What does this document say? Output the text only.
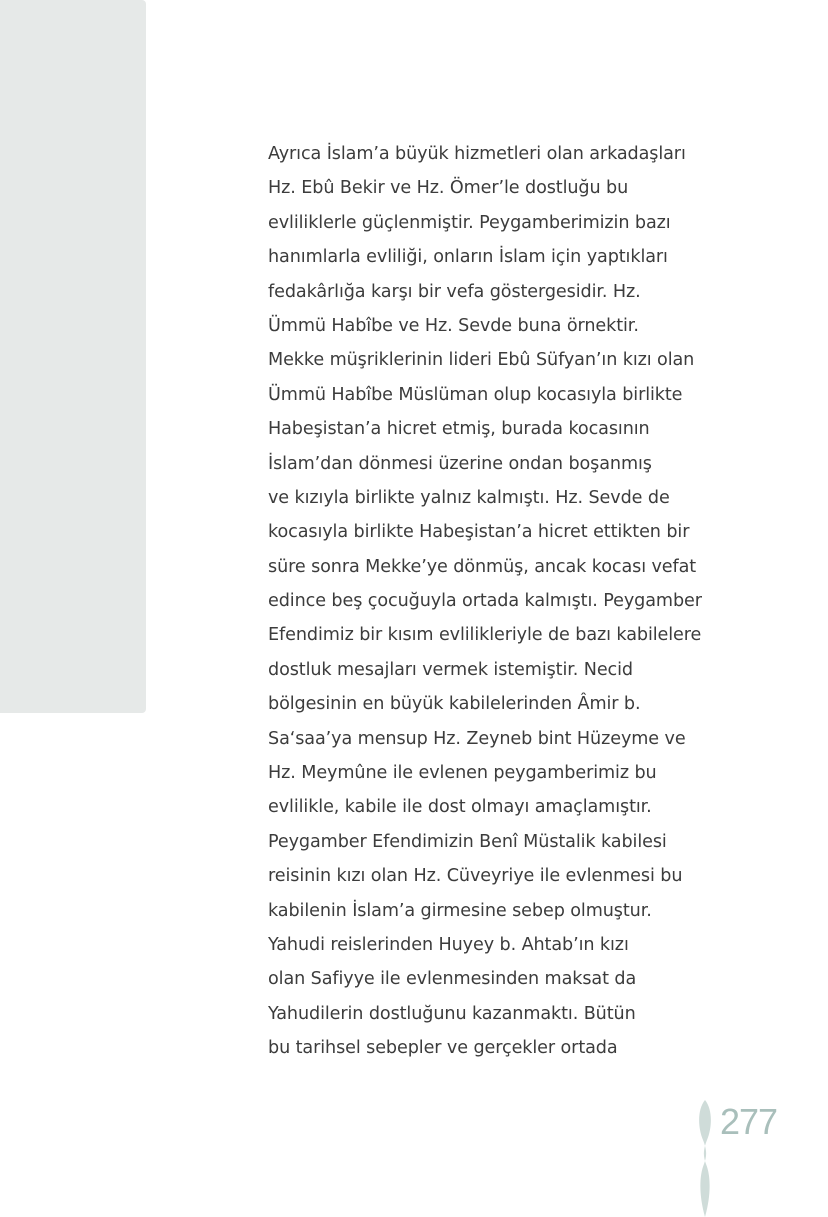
Ayrıca İslam’a büyük hizmetleri olan arkadaşları
Hz. Ebû Bekir ve Hz. Ömer’le dostluğu bu
evliliklerle güçlenmiştir. Peygamberimizin bazı
hanımlarla evliliği, onların İslam için yaptıkları
fedakârlığa karşı bir vefa göstergesidir. Hz.
Ümmü Habîbe ve Hz. Sevde buna örnektir.
Mekke müşriklerinin lideri Ebû Süfyan’ın kızı olan
Ümmü Habîbe Müslüman olup kocasıyla birlikte
Habeşistan’a hicret etmiş, burada kocasının
İslam’dan dönmesi üzerine ondan boşanmış
ve kızıyla birlikte yalnız kalmıştı. Hz. Sevde de
kocasıyla birlikte Habeşistan’a hicret ettikten bir
süre sonra Mekke’ye dönmüş, ancak kocası vefat
edince beş çocuğuyla ortada kalmıştı. Peygamber
Efendimiz bir kısım evlilikleriyle de bazı kabilelere
dostluk mesajları vermek istemiştir. Necid
bölgesinin en büyük kabilelerinden Âmir b.
Sa‘saa’ya mensup Hz. Zeyneb bint Hüzeyme ve
Hz. Meymûne ile evlenen peygamberimiz bu
evlilikle, kabile ile dost olmayı amaçlamıştır.
Peygamber Efendimizin Benî Müstalik kabilesi
reisinin kızı olan Hz. Cüveyriye ile evlenmesi bu
kabilenin İslam’a girmesine sebep olmuştur.
Yahudi reislerinden Huyey b. Ahtab’ın kızı
olan Safiyye ile evlenmesinden maksat da
Yahudilerin dostluğunu kazanmaktı. Bütün
bu tarihsel sebepler ve gerçekler ortada
277
